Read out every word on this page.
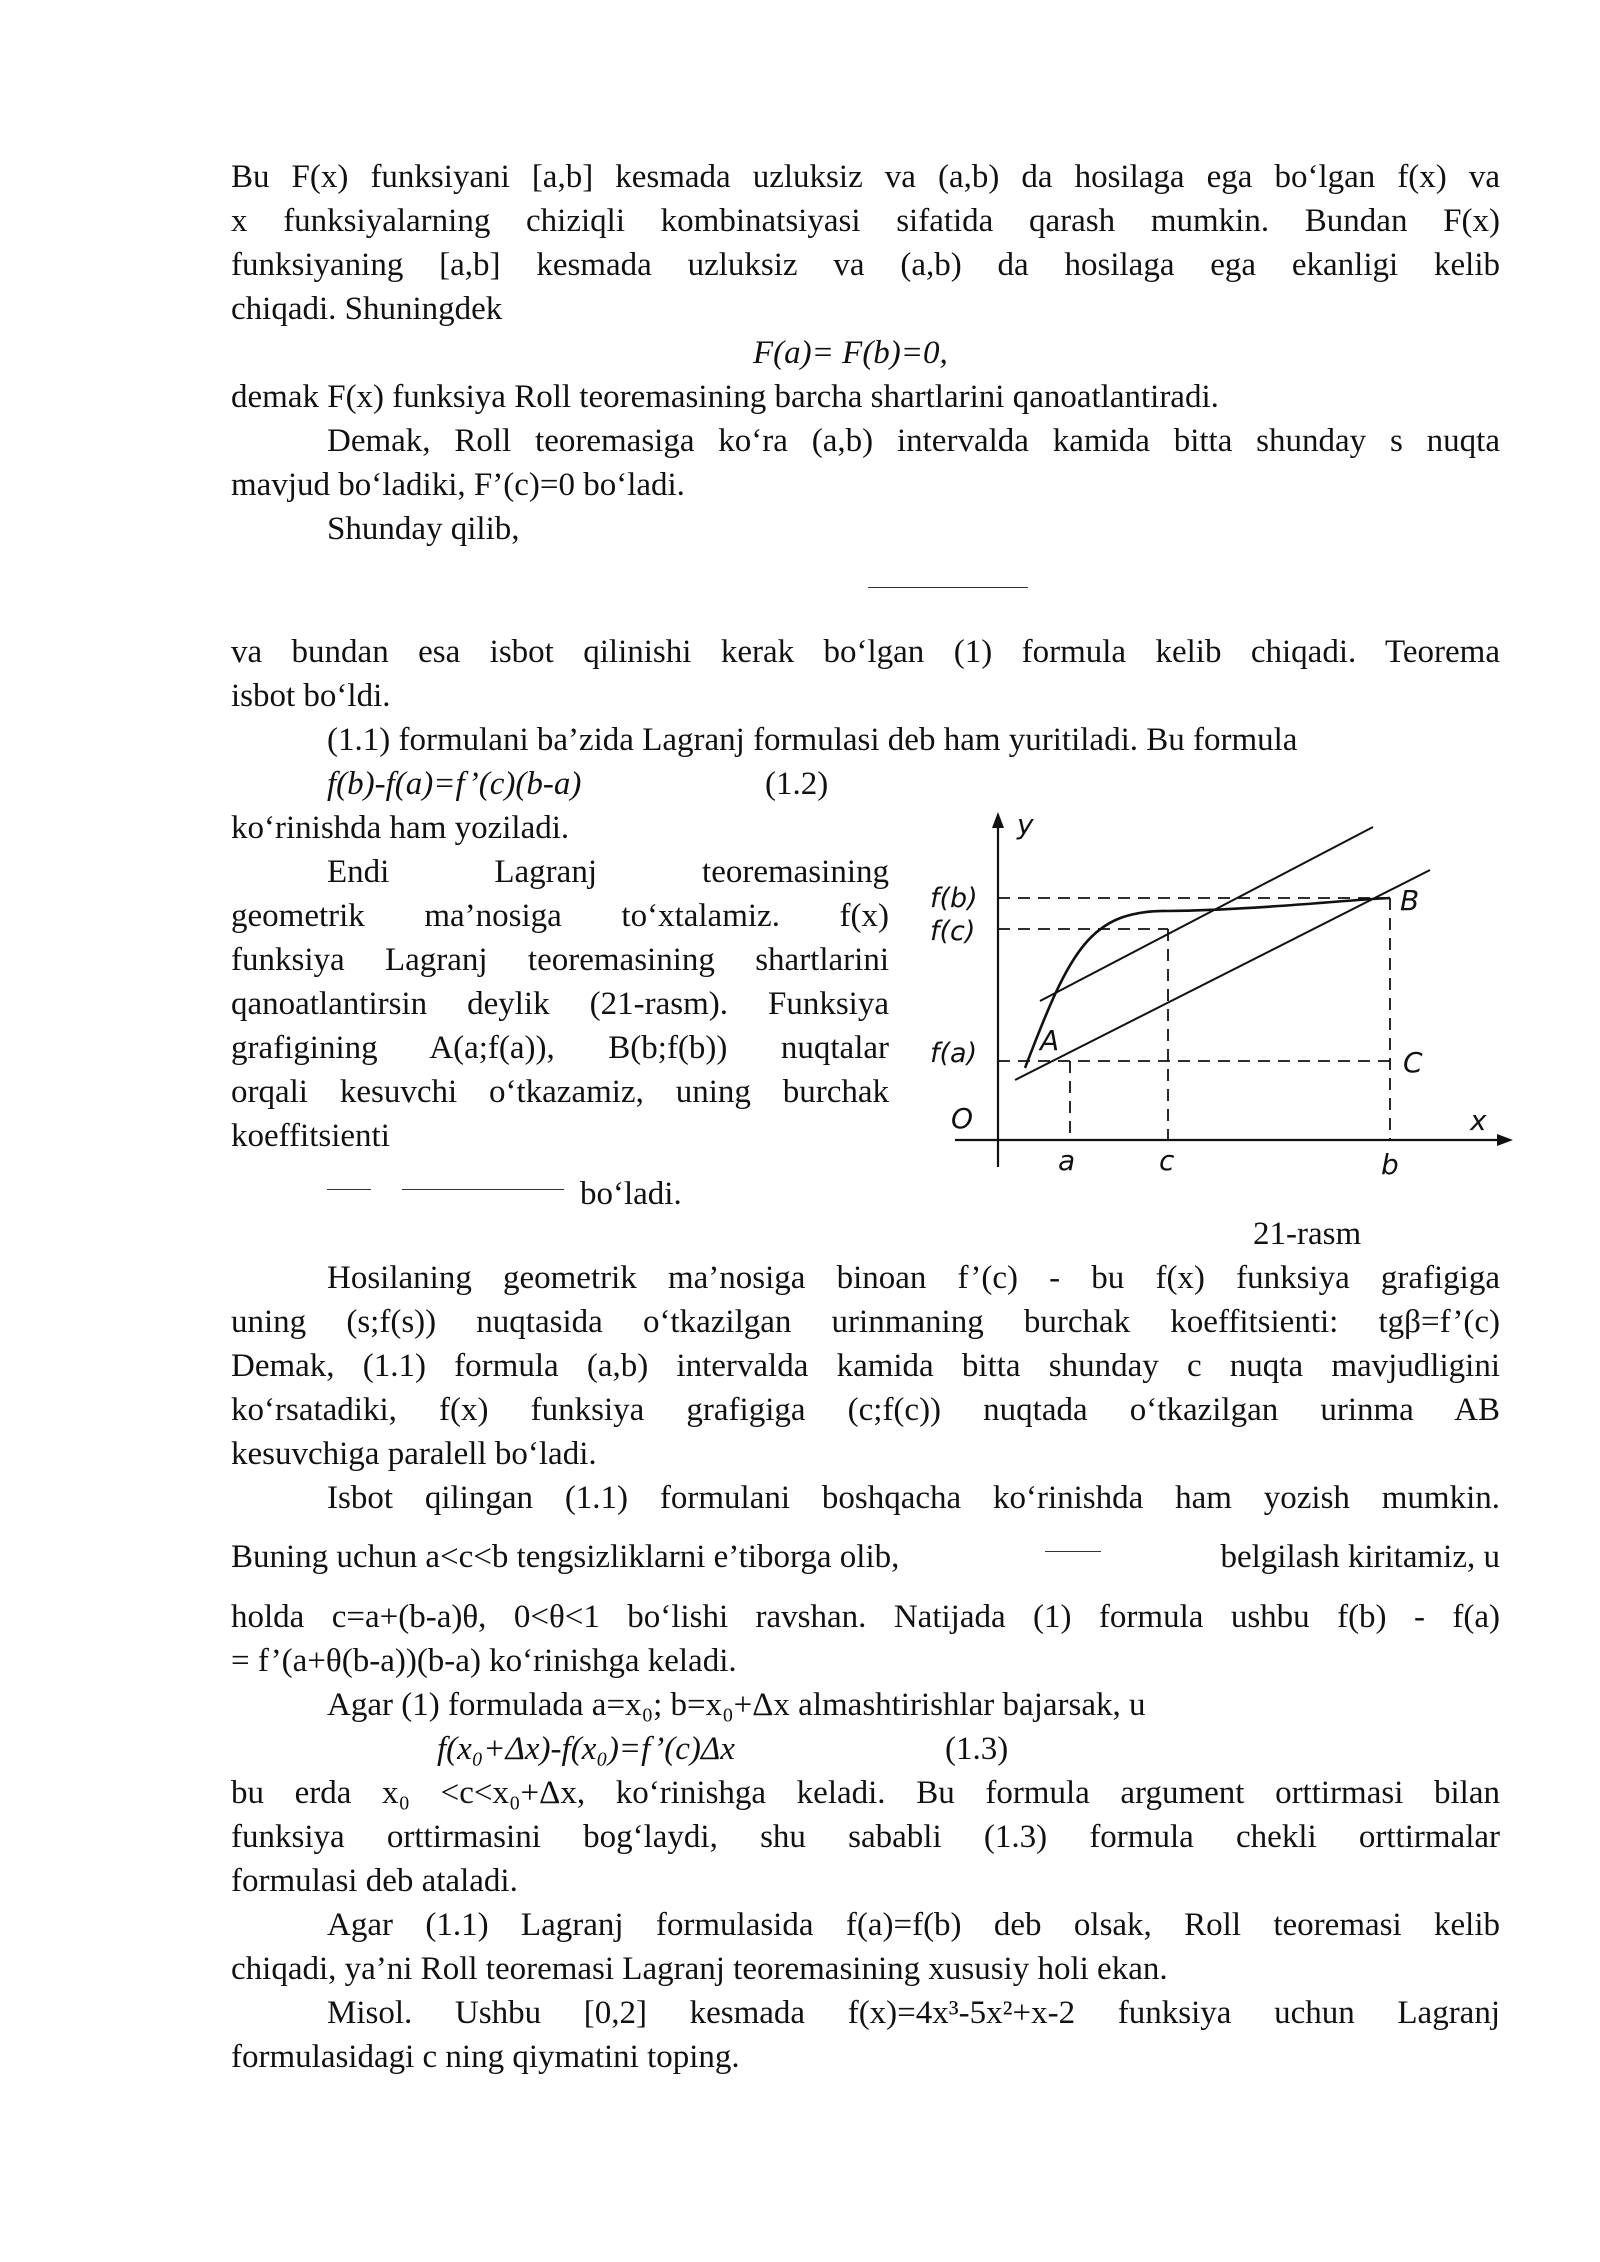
Bu F(x) funksiyani [a,b] kesmada uzluksiz va (a,b) da hosilaga ega bo‘lgan f(x) va
x funksiyalarning chiziqli kombinatsiyasi sifatida qarash mumkin. Bundan F(x)
funksiyaning [a,b] kesmada uzluksiz va (a,b) da hosilaga ega ekanligi kelib
chiqadi. Shuningdek
F(a)= F(b)=0,
demak F(x) funksiya Roll teoremasining barcha shartlarini qanoatlantiradi.
Demak, Roll teoremasiga ko‘ra (a,b) intervalda kamida bitta shunday s nuqta
mavjud bo‘ladiki, F’(c)=0 bo‘ladi.
Shunday qilib,
va bundan esa isbot qilinishi kerak bo‘lgan (1) formula kelib chiqadi. Teorema
isbot bo‘ldi.
(1.1) formulani ba’zida Lagranj formulasi deb ham yuritiladi. Bu formula
f(b)-f(a)=f’(c)(b-a)	(1.2)
ko‘rinishda ham yoziladi.
Endi Lagranj teoremasining
geometrik ma’nosiga to‘xtalamiz. f(x)
funksiya Lagranj teoremasining shartlarini
qanoatlantirsin deylik (21-rasm). Funksiya
grafigining A(a;f(a)), B(b;f(b)) nuqtalar
orqali kesuvchi o‘tkazamiz, uning burchak
koeffitsienti
bo‘ladi.
y
x
O
f(b)
f(c)
f(a) A
B
C
a	c	b
21-rasm
Hosilaning geometrik ma’nosiga binoan f’(c) - bu f(x) funksiya grafigiga
uning (s;f(s)) nuqtasida o‘tkazilgan urinmaning burchak koeffitsienti: tgβ=f’(c)
Demak, (1.1) formula (a,b) intervalda kamida bitta shunday c nuqta mavjudligini
ko‘rsatadiki, f(x) funksiya grafigiga (c;f(c)) nuqtada o‘tkazilgan urinma AB
kesuvchiga paralell bo‘ladi.
Isbot qilingan (1.1) formulani boshqacha ko‘rinishda ham yozish mumkin.
Buning uchun a<c<b tengsizliklarni e’tiborga olib,	belgilash kiritamiz, u
holda c=a+(b-a)θ, 0<θ<1 bo‘lishi ravshan. Natijada (1) formula ushbu f(b) - f(a)
= f’(a+θ(b-a))(b-a) ko‘rinishga keladi.
Agar (1) formulada a=x₀; b=x₀+Δx almashtirishlar bajarsak, u
f(x₀+Δx)-f(x₀)=f’(c)Δx	(1.3)
bu erda x₀ <c<x₀+Δx, ko‘rinishga keladi. Bu formula argument orttirmasi bilan
funksiya orttirmasini bog‘laydi, shu sababli (1.3) formula chekli orttirmalar
formulasi deb ataladi.
Agar (1.1) Lagranj formulasida f(a)=f(b) deb olsak, Roll teoremasi kelib
chiqadi, ya’ni Roll teoremasi Lagranj teoremasining xususiy holi ekan.
Misol. Ushbu [0,2] kesmada f(x)=4x³-5x²+x-2 funksiya uchun Lagranj
formulasidagi c ning qiymatini toping.
